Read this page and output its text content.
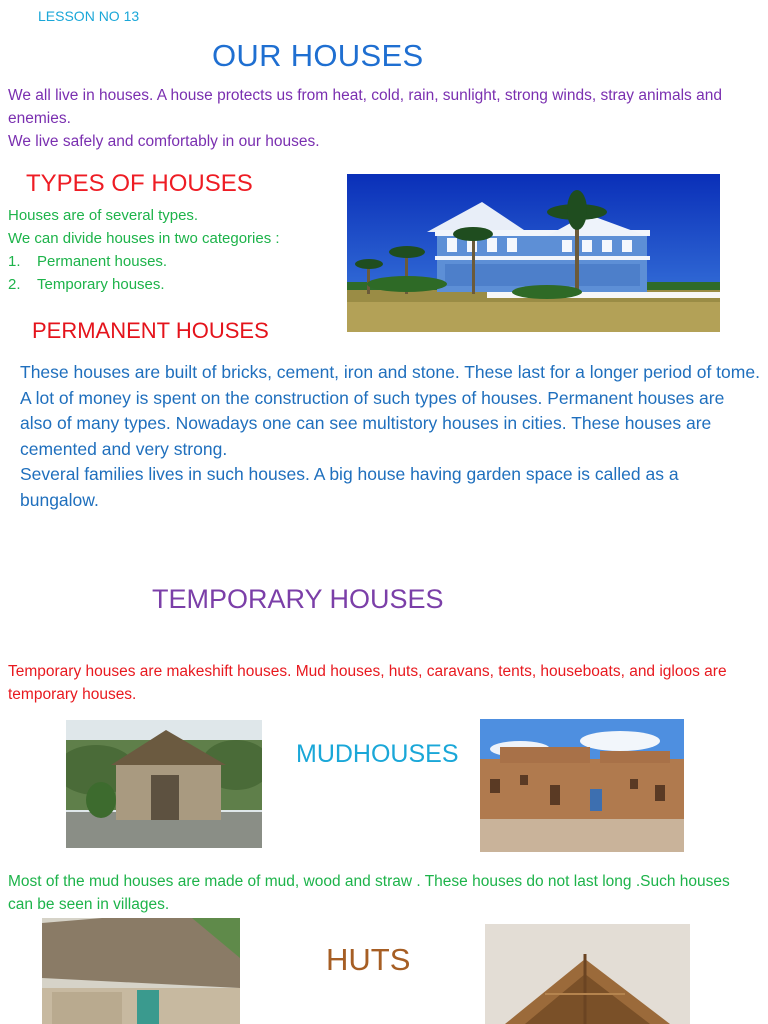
LESSON NO 13

OUR HOUSES
We all live in houses. A house protects us from heat, cold, rain, sunlight, strong winds, stray animals and enemies.
We live safely and comfortably in our houses.
TYPES OF HOUSES
Houses are of several types.
We can divide houses in two categories :
1.	Permanent houses.
2.	Temporary houses.
PERMANENT HOUSES
These houses are built of bricks, cement, iron and stone. These last for a longer period of tome. A lot of money is spent on the construction of such types of houses. Permanent houses are also of many types. Nowadays one can see multistory houses in cities. These houses are cemented and very strong.
Several families lives in such houses. A big house having garden space is called as a bungalow.
TEMPORARY HOUSES

Temporary houses are makeshift houses. Mud houses, huts, caravans, tents, houseboats, and igloos are temporary houses.

MUDHOUSES

Most of the mud houses are made of mud, wood and straw . These houses do not last long .Such houses can be seen in villages.

HUTS
